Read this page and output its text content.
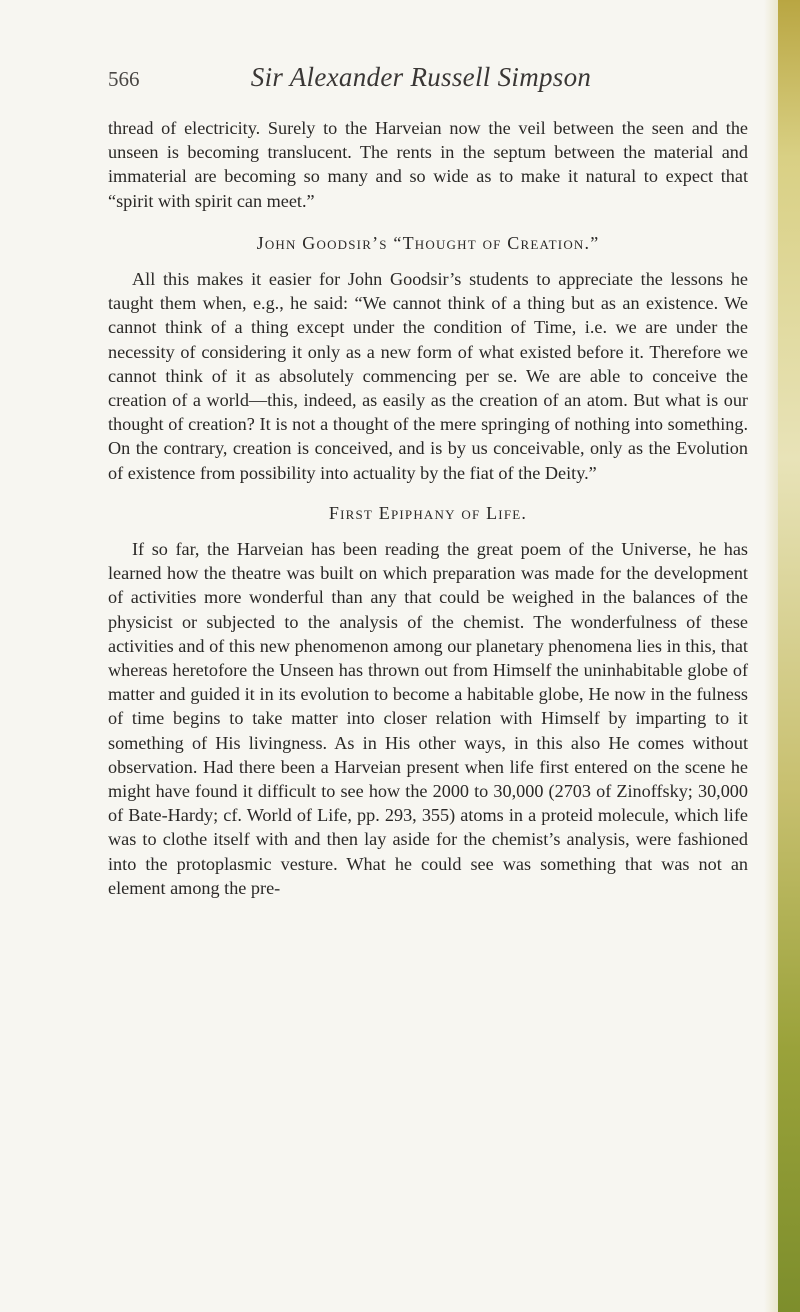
566	Sir Alexander Russell Simpson

thread of electricity. Surely to the Harveian now the veil between the seen and the unseen is becoming translucent. The rents in the septum between the material and immaterial are becoming so many and so wide as to make it natural to expect that “spirit with spirit can meet.”

John Goodsir’s “Thought of Creation.”

All this makes it easier for John Goodsir’s students to appreciate the lessons he taught them when, e.g., he said: “We cannot think of a thing but as an existence. We cannot think of a thing except under the condition of Time, i.e. we are under the necessity of considering it only as a new form of what existed before it. Therefore we cannot think of it as absolutely commencing per se. We are able to conceive the creation of a world—this, indeed, as easily as the creation of an atom. But what is our thought of creation? It is not a thought of the mere springing of nothing into something. On the contrary, creation is conceived, and is by us conceivable, only as the Evolution of existence from possibility into actuality by the fiat of the Deity.”

First Epiphany of Life.

If so far, the Harveian has been reading the great poem of the Universe, he has learned how the theatre was built on which preparation was made for the development of activities more wonderful than any that could be weighed in the balances of the physicist or subjected to the analysis of the chemist. The wonderfulness of these activities and of this new phenomenon among our planetary phenomena lies in this, that whereas heretofore the Unseen has thrown out from Himself the uninhabitable globe of matter and guided it in its evolution to become a habitable globe, He now in the fulness of time begins to take matter into closer relation with Himself by imparting to it something of His livingness. As in His other ways, in this also He comes without observation. Had there been a Harveian present when life first entered on the scene he might have found it difficult to see how the 2000 to 30,000 (2703 of Zinoffsky; 30,000 of Bate-Hardy; cf. World of Life, pp. 293, 355) atoms in a proteid molecule, which life was to clothe itself with and then lay aside for the chemist’s analysis, were fashioned into the protoplasmic vesture. What he could see was something that was not an element among the pre-
